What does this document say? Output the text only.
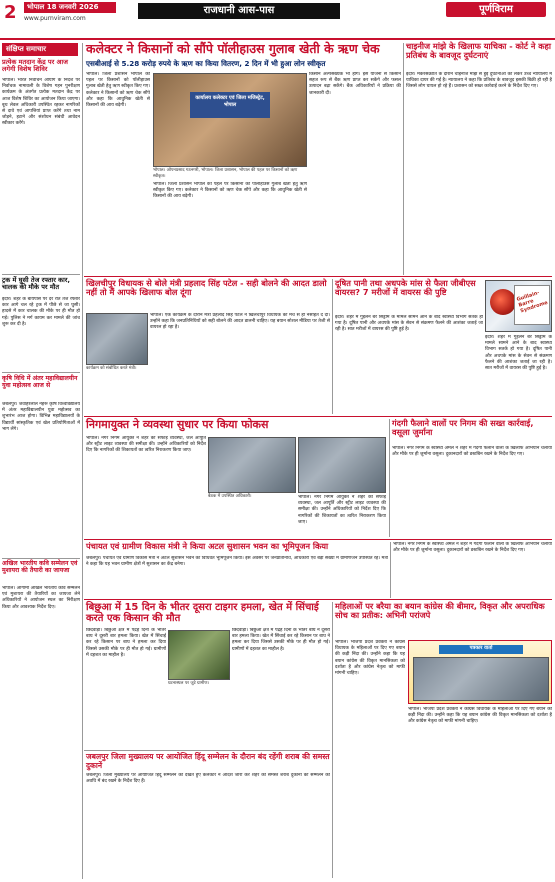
2	भोपाल 18 जनवरी 2026
www.purnviram.com
राजधानी आस-पास	पूर्णविराम
संक्षिप्त समाचार
प्रत्येक मतदान केंद्र पर आज लगेगी विशेष शिविर
भोपाल। भारत निर्वाचन आयोग के निर्देश पर निर्वाचक नामावली के विशेष गहन पुनरीक्षण कार्यक्रम के अंतर्गत प्रत्येक मतदान केंद्र पर आज विशेष शिविर का आयोजन किया जाएगा। बूथ लेवल अधिकारी उपस्थित रहकर नागरिकों से दावे एवं आपत्तियां प्राप्त करेंगे तथा नाम जोड़ने, हटाने और संशोधन संबंधी आवेदन स्वीकार करेंगे।
ट्रक में घुसी तेज रफ्तार कार, चालक की मौके पर मौत
इंदौर। शहर के बायपास पर देर रात तेज रफ्तार कार आगे चल रहे ट्रक में पीछे से जा घुसी। हादसे में कार चालक की मौके पर ही मौत हो गई। पुलिस ने मर्ग कायम कर मामले की जांच शुरू कर दी है।
कृषि विधि में अंतर महाविद्यालयीन युवा महोत्सव आज से
जबलपुर। जवाहरलाल नेहरू कृषि विश्वविद्यालय में अंतर महाविद्यालयीन युवा महोत्सव का शुभारंभ आज होगा। विभिन्न महाविद्यालयों के विद्यार्थी सांस्कृतिक एवं खेल प्रतियोगिताओं में भाग लेंगे।
अखिल भारतीय कवि सम्मेलन एवं मुशायरा की तैयारी का जायजा
भोपाल। आगामी अखिल भारतीय कवि सम्मेलन एवं मुशायरा की तैयारियों का जायजा लेने अधिकारियों ने आयोजन स्थल का निरीक्षण किया और आवश्यक निर्देश दिए।
कलेक्टर ने किसानों को सौंपे पॉलीहाउस गुलाब खेती के ऋण चेक
एसबीआई से 5.28 करोड़ रुपये के ऋण का किया वितरण, 2 दिन में भी हुआ लोन स्वीकृत
भोपाल। जिला प्रशासन भोपाल की पहल पर किसानों को पॉलीहाउस गुलाब खेती हेतु ऋण स्वीकृत किए गए। कलेक्टर ने किसानों को ऋण चेक सौंपे और कहा कि आधुनिक खेती से किसानों की आय बढ़ेगी।
कार्यालय कलेक्टर एवं जिला मजिस्ट्रेट, भोपाल
भोपाल। ओपनप्रसाद गठनगरी, भोपाल। जिला प्रशासन, भोपाल की पहल पर किसानों को ऋण स्वीकृत।
किसान अल्पसंख्यक भी होंगे। इस योजना से किसान सहज रूप से बैंक ऋण प्राप्त कर सकेंगे और फसल उत्पादन बढ़ा सकेंगे। बैंक अधिकारियों ने प्रक्रिया की जानकारी दी।
भोपाल। जिला प्रशासन भोपाल की पहल पर किसानों को पॉलीहाउस गुलाब खेती हेतु ऋण स्वीकृत किए गए। कलेक्टर ने किसानों को ऋण चेक सौंपे और कहा कि आधुनिक खेती से किसानों की आय बढ़ेगी।
चाइनीज मांझे के खिलाफ याचिका - कोर्ट ने कहा प्रतिबंध के बावजूद दुर्घटनाएं
इंदौर। मकरसंक्रांति के दौरान चाइनीज मांझे से हुई दुर्घटनाओं को लेकर उच्च न्यायालय में याचिका दायर की गई है। न्यायालय ने कहा कि प्रतिबंध के बावजूद इसकी बिक्री हो रही है जिससे लोग घायल हो रहे हैं। प्रशासन को सख्त कार्रवाई करने के निर्देश दिए गए।
खिलचीपुर विधायक से बोले मंत्री प्रहलाद सिंह पटेल - सही बोलने की आदत डालो नहीं तो मैं आपके खिलाफ बोल दूंगा
कार्यक्रम को संबोधित करते मंत्री।
भोपाल। एक कार्यक्रम के दौरान मंत्री प्रहलाद सिंह पटेल ने खिलचीपुर विधायक को मंच से ही नसीहत दे दी। उन्होंने कहा कि जनप्रतिनिधियों को सही बोलने की आदत डालनी चाहिए। यह बयान सोशल मीडिया पर तेजी से वायरल हो रहा है।
दूषित पानी तथा अधपके मांस से फैला जीबीएस वायरस? 7 मरीजों में वायरस की पुष्टि	Guillain-Barre Syndrome
इंदौर। शहर में गुइलेन बैरे सिंड्रोम के मामले सामने आने के बाद स्वास्थ्य विभाग सतर्क हो गया है। दूषित पानी और अधपके मांस के सेवन से संक्रमण फैलने की आशंका जताई जा रही है। सात मरीजों में वायरस की पुष्टि हुई है।
इंदौर। शहर में गुइलेन बैरे सिंड्रोम के मामले सामने आने के बाद स्वास्थ्य विभाग सतर्क हो गया है। दूषित पानी और अधपके मांस के सेवन से संक्रमण फैलने की आशंका जताई जा रही है। सात मरीजों में वायरस की पुष्टि हुई है।
निगमायुक्त ने व्यवस्था सुधार पर किया फोकस
भोपाल। नगर निगम आयुक्त ने शहर की सफाई व्यवस्था, जल आपूर्ति और स्ट्रीट लाइट व्यवस्था की समीक्षा की। उन्होंने अधिकारियों को निर्देश दिए कि नागरिकों की शिकायतों का त्वरित निराकरण किया जाए।
बैठक में उपस्थित अधिकारी।	भोपाल। नगर निगम आयुक्त ने शहर की सफाई व्यवस्था, जल आपूर्ति और स्ट्रीट लाइट व्यवस्था की समीक्षा की। उन्होंने अधिकारियों को निर्देश दिए कि नागरिकों की शिकायतों का त्वरित निराकरण किया जाए।
गंदगी फैलाने वालों पर निगम की सख्त कार्रवाई, वसूला जुर्माना
भोपाल। नगर निगम के स्वास्थ्य अमले ने शहर में गंदगी फैलाने वालों के खिलाफ अभियान चलाया और मौके पर ही जुर्माना वसूला। दुकानदारों को डस्टबिन रखने के निर्देश दिए गए।
पंचायत एवं ग्रामीण विकास मंत्री ने किया अटल सुशासन भवन का भूमिपूजन किया
जबलपुर। पंचायत एवं ग्रामीण विकास मंत्री ने अटल सुशासन भवन का विधिवत भूमिपूजन किया। इस अवसर पर जनप्रतिनिधि, अधिकारी एवं बड़ी संख्या में ग्रामीणजन उपस्थित रहे। मंत्री ने कहा कि यह भवन ग्रामीण क्षेत्रों में सुशासन का केंद्र बनेगा।
भोपाल। नगर निगम के स्वास्थ्य अमले ने शहर में गंदगी फैलाने वालों के खिलाफ अभियान चलाया और मौके पर ही जुर्माना वसूला। दुकानदारों को डस्टबिन रखने के निर्देश दिए गए।
बिछुआ में 15 दिन के भीतर दूसरा टाइगर हमला, खेत में सिंचाई करते एक किसान की मौत
छिंदवाड़ा। बिछुआ क्षेत्र में पंद्रह दिनों के भीतर बाघ ने दूसरी बार हमला किया। खेत में सिंचाई कर रहे किसान पर बाघ ने हमला कर दिया जिससे उसकी मौके पर ही मौत हो गई। ग्रामीणों में दहशत का माहौल है।
घटनास्थल पर जुटे ग्रामीण।
छिंदवाड़ा। बिछुआ क्षेत्र में पंद्रह दिनों के भीतर बाघ ने दूसरी बार हमला किया। खेत में सिंचाई कर रहे किसान पर बाघ ने हमला कर दिया जिससे उसकी मौके पर ही मौत हो गई। ग्रामीणों में दहशत का माहौल है।
जबलपुर जिला मुख्यालय पर आयोजित हिंदू सम्मेलन के दौरान बंद रहेंगी शराब की समस्त दुकानें
जबलपुर। जिला मुख्यालय पर आयोजित हिंदू सम्मेलन को देखते हुए कलेक्टर ने आदेश जारी कर शहर की समस्त शराब दुकानों को सम्मेलन की अवधि में बंद रखने के निर्देश दिए हैं।
महिलाओं पर बरैया का बयान कांग्रेस की बीमार, विकृत और अपराधिक सोच का प्रतीक: अभिनी परांजपे
भोपाल। भाजपा प्रदेश प्रवक्ता ने कांग्रेस विधायक के महिलाओं पर दिए गए बयान की कड़ी निंदा की। उन्होंने कहा कि यह बयान कांग्रेस की विकृत मानसिकता को दर्शाता है और कांग्रेस नेतृत्व को माफी मांगनी चाहिए।
पत्रकार वार्ता
भोपाल। भाजपा प्रदेश प्रवक्ता ने कांग्रेस विधायक के महिलाओं पर दिए गए बयान की कड़ी निंदा की। उन्होंने कहा कि यह बयान कांग्रेस की विकृत मानसिकता को दर्शाता है और कांग्रेस नेतृत्व को माफी मांगनी चाहिए।
